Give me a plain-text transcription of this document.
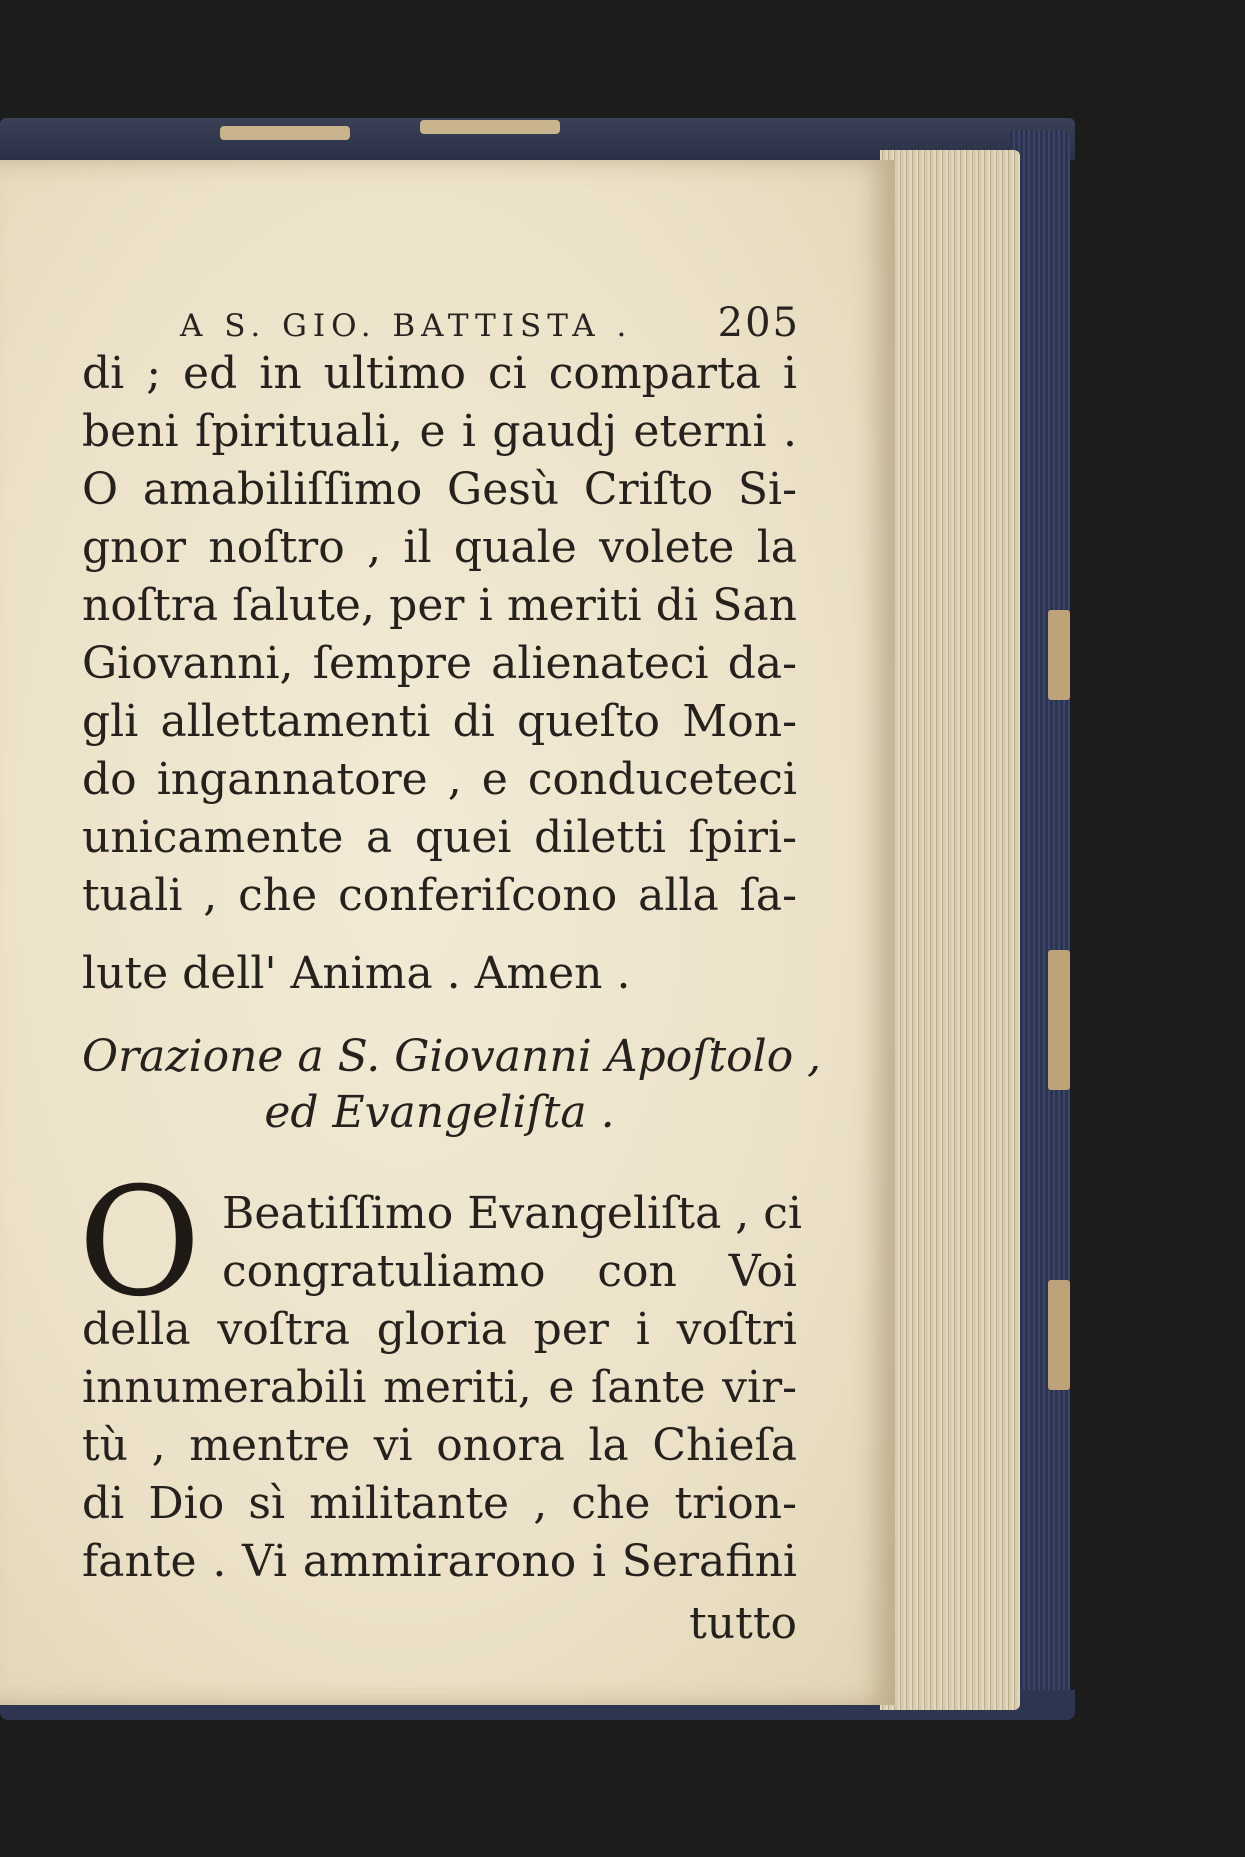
A S. GIO. BATTISTA . 205
di ; ed in ultimo ci comparta i
beni ſpirituali, e i gaudj eterni .
O amabiliſſimo Gesù Criſto Si-
gnor noſtro , il quale volete la
noſtra ſalute, per i meriti di San
Giovanni, ſempre alienateci da-
gli allettamenti di queſto Mon-
do ingannatore , e conduceteci
unicamente a quei diletti ſpiri-
tuali , che conferiſcono alla ſa-
lute dell' Anima . Amen .
Orazione a S. Giovanni Apoſtolo ,
ed Evangeliſta .
O Beatiſſimo Evangeliſta , ci
congratuliamo con Voi
della voſtra gloria per i voſtri
innumerabili meriti, e ſante vir-
tù , mentre vi onora la Chieſa
di Dio sì militante , che trion-
fante . Vi ammirarono i Serafini
tutto
